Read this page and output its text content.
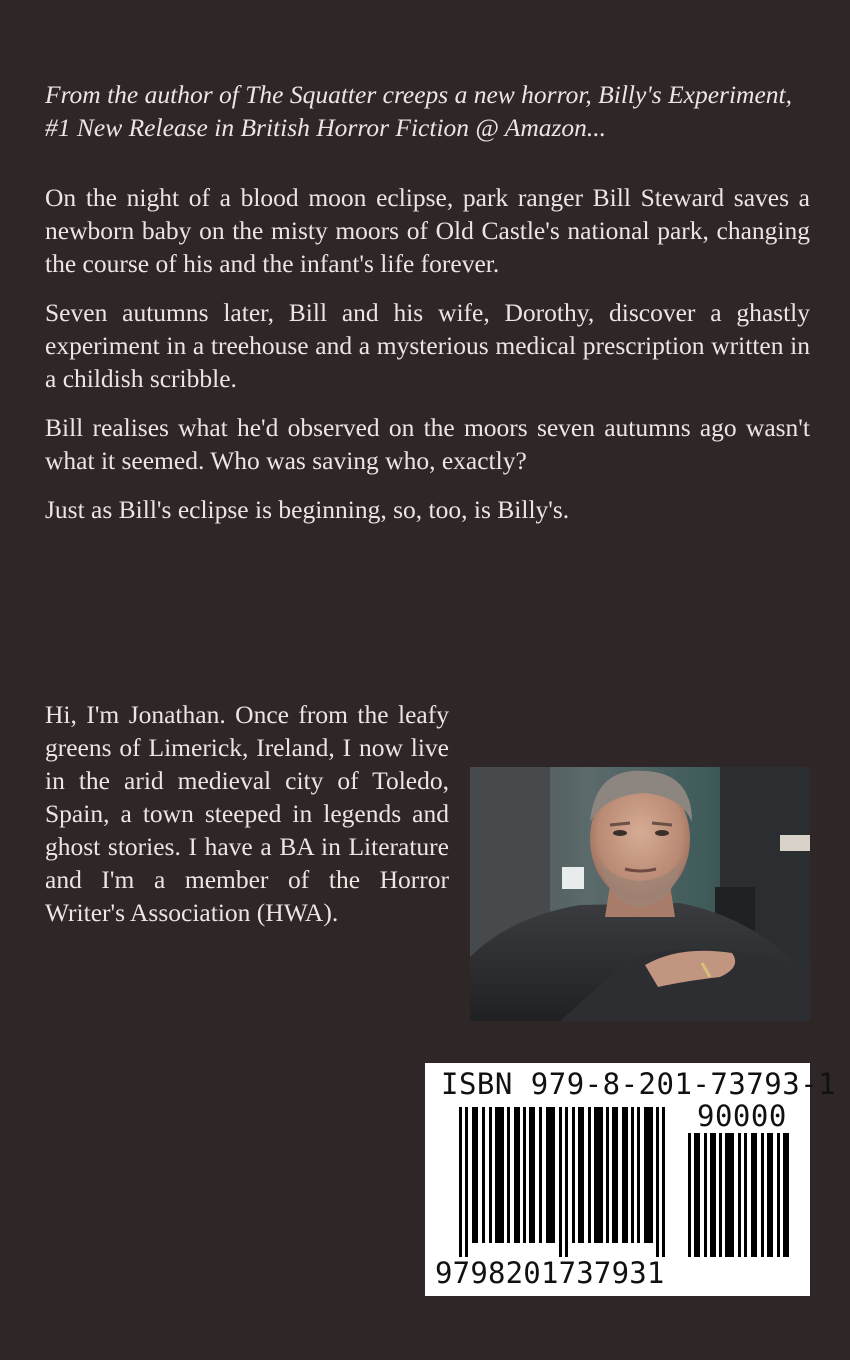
From the author of The Squatter creeps a new horror, Billy's Experiment, #1 New Release in British Horror Fiction @ Amazon...

On the night of a blood moon eclipse, park ranger Bill Steward saves a newborn baby on the misty moors of Old Castle's national park, changing the course of his and the infant's life forever.

Seven autumns later, Bill and his wife, Dorothy, discover a ghastly experiment in a treehouse and a mysterious medical prescription written in a childish scribble.

Bill realises what he'd observed on the moors seven autumns ago wasn't what it seemed. Who was saving who, exactly?

Just as Bill's eclipse is beginning, so, too, is Billy's.

Hi, I'm Jonathan. Once from the leafy greens of Limerick, Ireland, I now live in the arid medieval city of Toledo, Spain, a town steeped in legends and ghost stories. I have a BA in Literature and I'm a member of the Horror Writer's Association (HWA).

ISBN 979-8-201-73793-1
90000
9798201737931
